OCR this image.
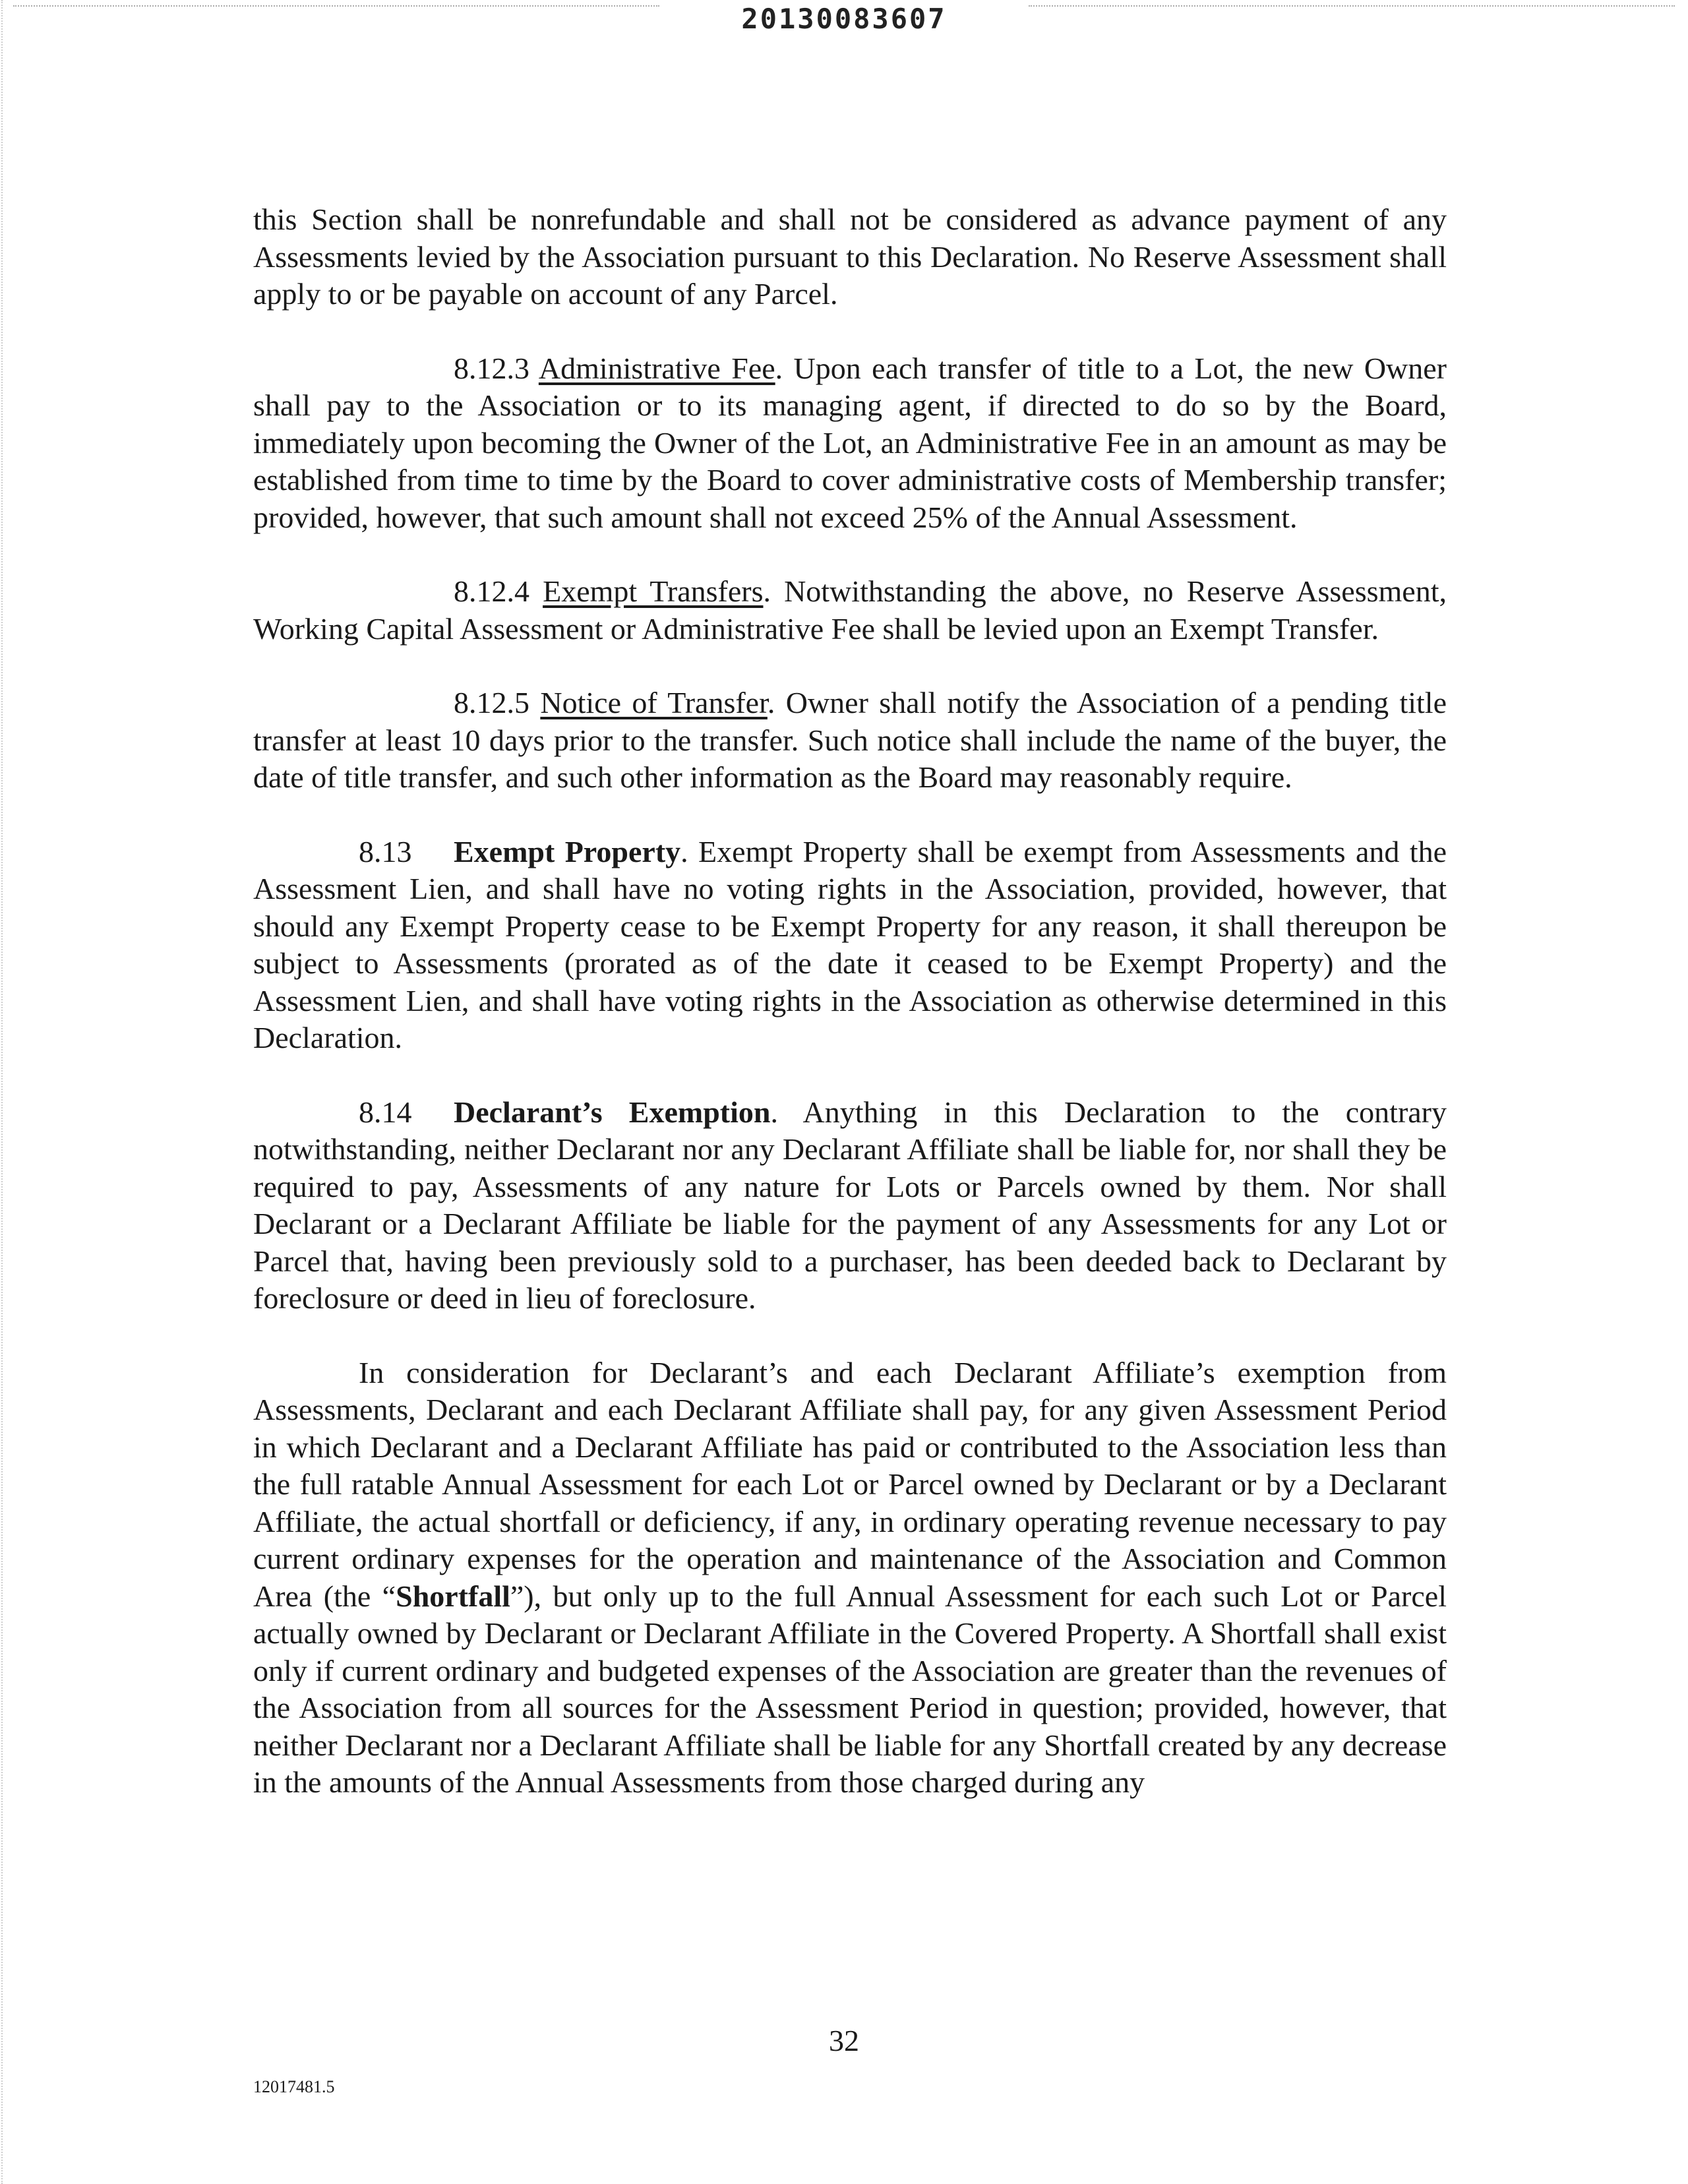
20130083607

this Section shall be nonrefundable and shall not be considered as advance payment of any Assessments levied by the Association pursuant to this Declaration. No Reserve Assessment shall apply to or be payable on account of any Parcel.

8.12.3 Administrative Fee. Upon each transfer of title to a Lot, the new Owner shall pay to the Association or to its managing agent, if directed to do so by the Board, immediately upon becoming the Owner of the Lot, an Administrative Fee in an amount as may be established from time to time by the Board to cover administrative costs of Membership transfer; provided, however, that such amount shall not exceed 25% of the Annual Assessment.

8.12.4 Exempt Transfers. Notwithstanding the above, no Reserve Assessment, Working Capital Assessment or Administrative Fee shall be levied upon an Exempt Transfer.

8.12.5 Notice of Transfer. Owner shall notify the Association of a pending title transfer at least 10 days prior to the transfer. Such notice shall include the name of the buyer, the date of title transfer, and such other information as the Board may reasonably require.

8.13 Exempt Property. Exempt Property shall be exempt from Assessments and the Assessment Lien, and shall have no voting rights in the Association, provided, however, that should any Exempt Property cease to be Exempt Property for any reason, it shall thereupon be subject to Assessments (prorated as of the date it ceased to be Exempt Property) and the Assessment Lien, and shall have voting rights in the Association as otherwise determined in this Declaration.

8.14 Declarant’s Exemption. Anything in this Declaration to the contrary notwithstanding, neither Declarant nor any Declarant Affiliate shall be liable for, nor shall they be required to pay, Assessments of any nature for Lots or Parcels owned by them. Nor shall Declarant or a Declarant Affiliate be liable for the payment of any Assessments for any Lot or Parcel that, having been previously sold to a purchaser, has been deeded back to Declarant by foreclosure or deed in lieu of foreclosure.

In consideration for Declarant’s and each Declarant Affiliate’s exemption from Assessments, Declarant and each Declarant Affiliate shall pay, for any given Assessment Period in which Declarant and a Declarant Affiliate has paid or contributed to the Association less than the full ratable Annual Assessment for each Lot or Parcel owned by Declarant or by a Declarant Affiliate, the actual shortfall or deficiency, if any, in ordinary operating revenue necessary to pay current ordinary expenses for the operation and maintenance of the Association and Common Area (the “Shortfall”), but only up to the full Annual Assessment for each such Lot or Parcel actually owned by Declarant or Declarant Affiliate in the Covered Property. A Shortfall shall exist only if current ordinary and budgeted expenses of the Association are greater than the revenues of the Association from all sources for the Assessment Period in question; provided, however, that neither Declarant nor a Declarant Affiliate shall be liable for any Shortfall created by any decrease in the amounts of the Annual Assessments from those charged during any

32
12017481.5
